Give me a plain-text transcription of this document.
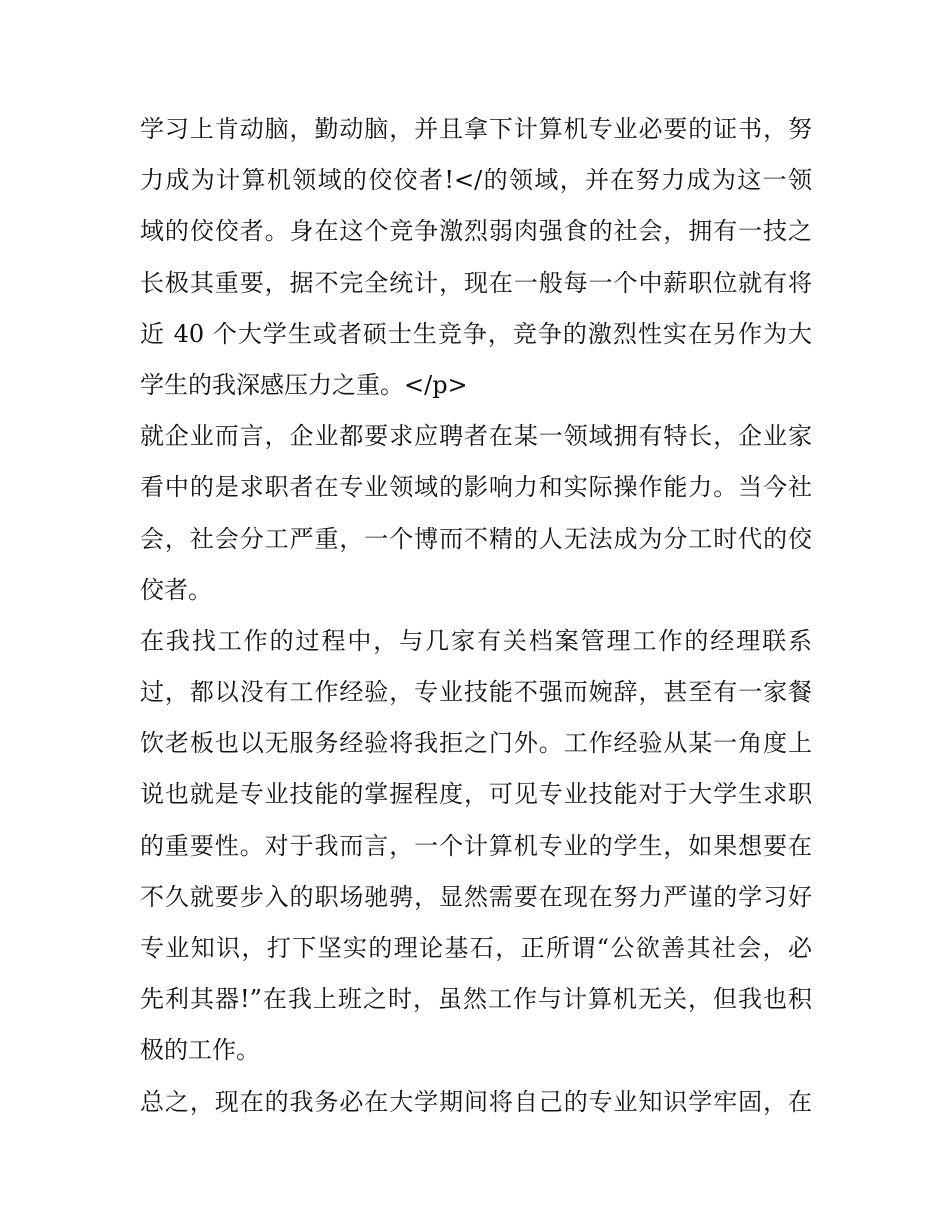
学习上肯动脑，勤动脑，并且拿下计算机专业必要的证书，努
力成为计算机领域的佼佼者!</的领域，并在努力成为这一领
域的佼佼者。身在这个竞争激烈弱肉强食的社会，拥有一技之
长极其重要，据不完全统计，现在一般每一个中薪职位就有将
近 40 个大学生或者硕士生竞争，竞争的激烈性实在另作为大
学生的我深感压力之重。</p>
就企业而言，企业都要求应聘者在某一领域拥有特长，企业家
看中的是求职者在专业领域的影响力和实际操作能力。当今社
会，社会分工严重，一个博而不精的人无法成为分工时代的佼
佼者。
在我找工作的过程中，与几家有关档案管理工作的经理联系
过，都以没有工作经验，专业技能不强而婉辞，甚至有一家餐
饮老板也以无服务经验将我拒之门外。工作经验从某一角度上
说也就是专业技能的掌握程度，可见专业技能对于大学生求职
的重要性。对于我而言，一个计算机专业的学生，如果想要在
不久就要步入的职场驰骋，显然需要在现在努力严谨的学习好
专业知识，打下坚实的理论基石，正所谓“公欲善其社会，必
先利其器!”在我上班之时，虽然工作与计算机无关，但我也积
极的工作。
总之，现在的我务必在大学期间将自己的专业知识学牢固，在
